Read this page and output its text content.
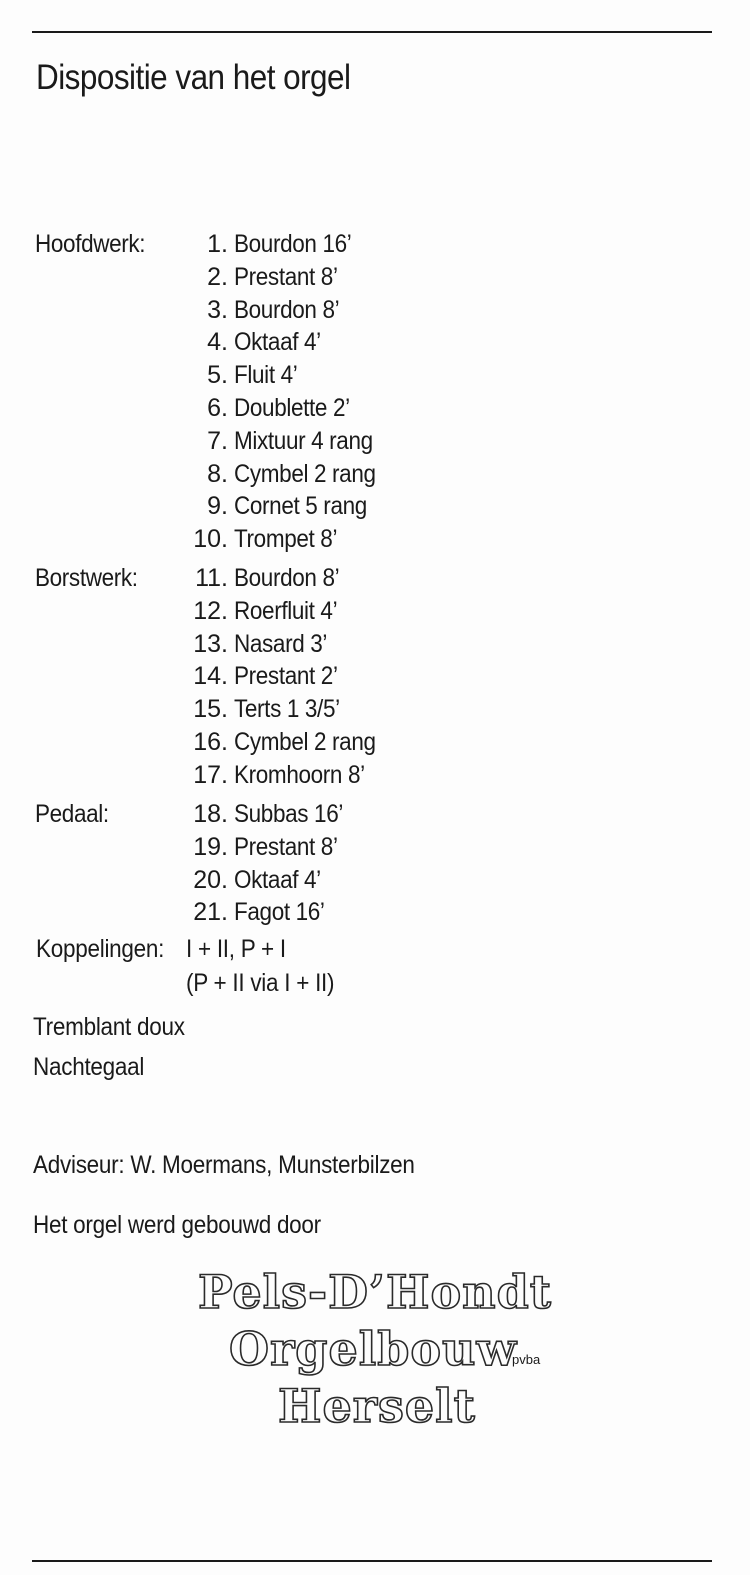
Dispositie van het orgel
Hoofdwerk: 1. Bourdon 16’
2. Prestant 8’
3. Bourdon 8’
4. Oktaaf 4’
5. Fluit 4’
6. Doublette 2’
7. Mixtuur 4 rang
8. Cymbel 2 rang
9. Cornet 5 rang
10. Trompet 8’
Borstwerk: 11. Bourdon 8’
12. Roerfluit 4’
13. Nasard 3’
14. Prestant 2’
15. Terts 1 3/5’
16. Cymbel 2 rang
17. Kromhoorn 8’
Pedaal:	18. Subbas 16’
19. Prestant 8’
20. Oktaaf 4’
21. Fagot 16’
Koppelingen: I + II, P + I
(P + II via I + II)
Tremblant doux
Nachtegaal
Adviseur: W. Moermans, Munsterbilzen
Het orgel werd gebouwd door
Pels-D’Hondt
Orgelbouw
pvba
Herselt
